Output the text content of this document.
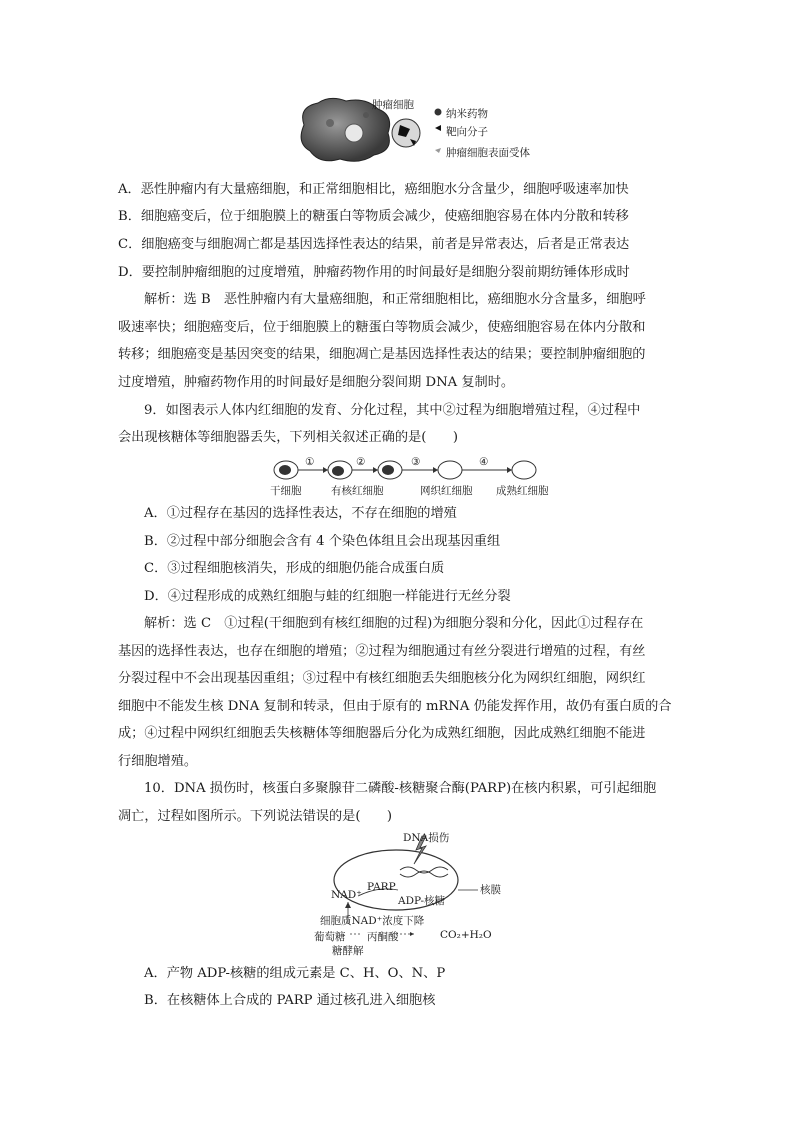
肿瘤细胞
纳米药物
靶向分子
肿瘤细胞表面受体
A．恶性肿瘤内有大量癌细胞，和正常细胞相比，癌细胞水分含量少，细胞呼吸速率加快
B．细胞癌变后，位于细胞膜上的糖蛋白等物质会减少，使癌细胞容易在体内分散和转移
C．细胞癌变与细胞凋亡都是基因选择性表达的结果，前者是异常表达，后者是正常表达
D．要控制肿瘤细胞的过度增殖，肿瘤药物作用的时间最好是细胞分裂前期纺锤体形成时
解析：选 B　恶性肿瘤内有大量癌细胞，和正常细胞相比，癌细胞水分含量多，细胞呼
吸速率快；细胞癌变后，位于细胞膜上的糖蛋白等物质会减少，使癌细胞容易在体内分散和
转移；细胞癌变是基因突变的结果，细胞凋亡是基因选择性表达的结果；要控制肿瘤细胞的
过度增殖，肿瘤药物作用的时间最好是细胞分裂间期 DNA 复制时。
9．如图表示人体内红细胞的发育、分化过程，其中②过程为细胞增殖过程，④过程中
会出现核糖体等细胞器丢失，下列相关叙述正确的是(　　)
①	②	③	④
干细胞	有核红细胞	网织红细胞 成熟红细胞
A．①过程存在基因的选择性表达，不存在细胞的增殖
B．②过程中部分细胞会含有 4 个染色体组且会出现基因重组
C．③过程细胞核消失，形成的细胞仍能合成蛋白质
D．④过程形成的成熟红细胞与蛙的红细胞一样能进行无丝分裂
解析：选 C　①过程(干细胞到有核红细胞的过程)为细胞分裂和分化，因此①过程存在
基因的选择性表达，也存在细胞的增殖；②过程为细胞通过有丝分裂进行增殖的过程，有丝
分裂过程中不会出现基因重组；③过程中有核红细胞丢失细胞核分化为网织红细胞，网织红
细胞中不能发生核 DNA 复制和转录，但由于原有的 mRNA 仍能发挥作用，故仍有蛋白质的合
成；④过程中网织红细胞丢失核糖体等细胞器后分化为成熟红细胞，因此成熟红细胞不能进
行细胞增殖。
10．DNA 损伤时，核蛋白多聚腺苷二磷酸-核糖聚合酶(PARP)在核内积累，可引起细胞
凋亡，过程如图所示。下列说法错误的是(　　)
DNA损伤
NAD⁺
PARP
ADP-核糖
核膜
细胞质NAD⁺浓度下降
葡萄糖 丙酮酸	CO₂+H₂O
糖酵解
A．产物 ADP-核糖的组成元素是 C、H、O、N、P
B．在核糖体上合成的 PARP 通过核孔进入细胞核
